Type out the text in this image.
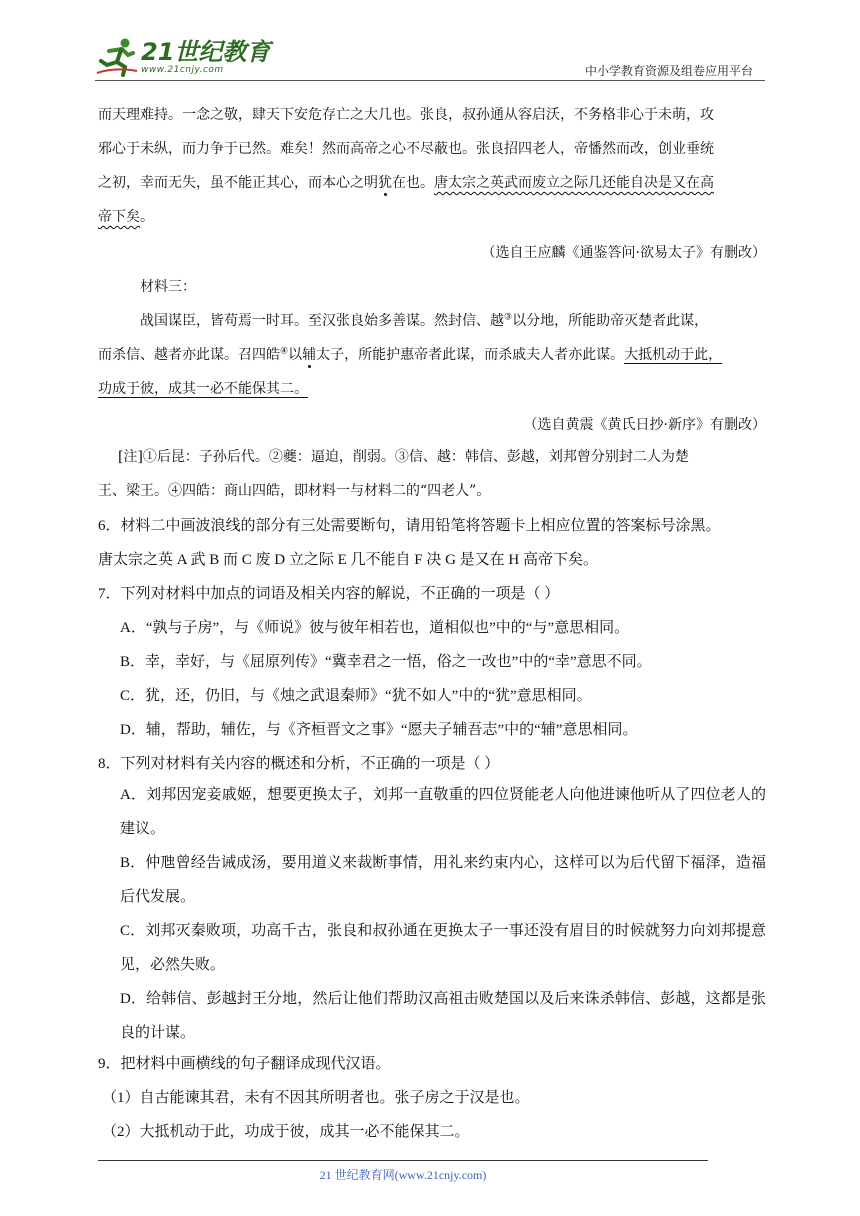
21世纪教育
www.21cnjy.com	中小学教育资源及组卷应用平台
而天理难持。一念之敬，肆天下安危存亡之大几也。张良，叔孙通从容启沃，不务格非心于未萌，攻
邪心于未纵，而力争于已然。难矣！然而高帝之心不尽蔽也。张良招四老人，帝憣然而改，创业垂统
之初，幸而无失，虽不能正其心，而本心之明犹在也。唐太宗之英武而废立之际几还能自决是又在高
帝下矣。
（选自王应麟《通鉴答问·欲易太子》有删改）
材料三：
战国谋臣，皆苟焉一时耳。至汉张良始多善谋。然封信、越③以分地，所能助帝灭楚者此谋，
而杀信、越者亦此谋。召四皓④以辅太子，所能护惠帝者此谋，而杀戚夫人者亦此谋。大抵机动于此，
功成于彼，成其一必不能保其二。
（选自黄震《黄氏日抄·新序》有删改）
[注]①后昆：子孙后代。②夔：逼迫，削弱。③信、越：韩信、彭越，刘邦曾分别封二人为楚
王、梁王。④四皓：商山四皓，即材料一与材料二的“四老人”。
6．材料二中画波浪线的部分有三处需要断句，请用铅笔将答题卡上相应位置的答案标号涂黑。
唐太宗之英 A 武 B 而 C 废 D 立之际 E 几不能自 F 决 G 是又在 H 高帝下矣。
7．下列对材料中加点的词语及相关内容的解说，不正确的一项是（ ）
A．“孰与子房”，与《师说》彼与彼年相若也，道相似也”中的“与”意思相同。
B．幸，幸好，与《屈原列传》“冀幸君之一悟，俗之一改也”中的“幸”意思不同。
C．犹，还，仍旧，与《烛之武退秦师》“犹不如人”中的“犹”意思相同。
D．辅，帮助，辅佐，与《齐桓晋文之事》“愿夫子辅吾志”中的“辅”意思相同。
8．下列对材料有关内容的概述和分析，不正确的一项是（ ）
A．刘邦因宠妾戚姬，想要更换太子，刘邦一直敬重的四位贤能老人向他进谏他听从了四位老人的建议。
B．仲虺曾经告诫成汤，要用道义来裁断事情，用礼来约束内心，这样可以为后代留下福泽，造福后代发展。
C．刘邦灭秦败项，功高千古，张良和叔孙通在更换太子一事还没有眉目的时候就努力向刘邦提意见，必然失败。
D．给韩信、彭越封王分地，然后让他们帮助汉高祖击败楚国以及后来诛杀韩信、彭越，这都是张良的计谋。
9．把材料中画横线的句子翻译成现代汉语。
（1）自古能谏其君，未有不因其所明者也。张子房之于汉是也。
（2）大抵机动于此，功成于彼，成其一必不能保其二。
21 世纪教育网(www.21cnjy.com)
